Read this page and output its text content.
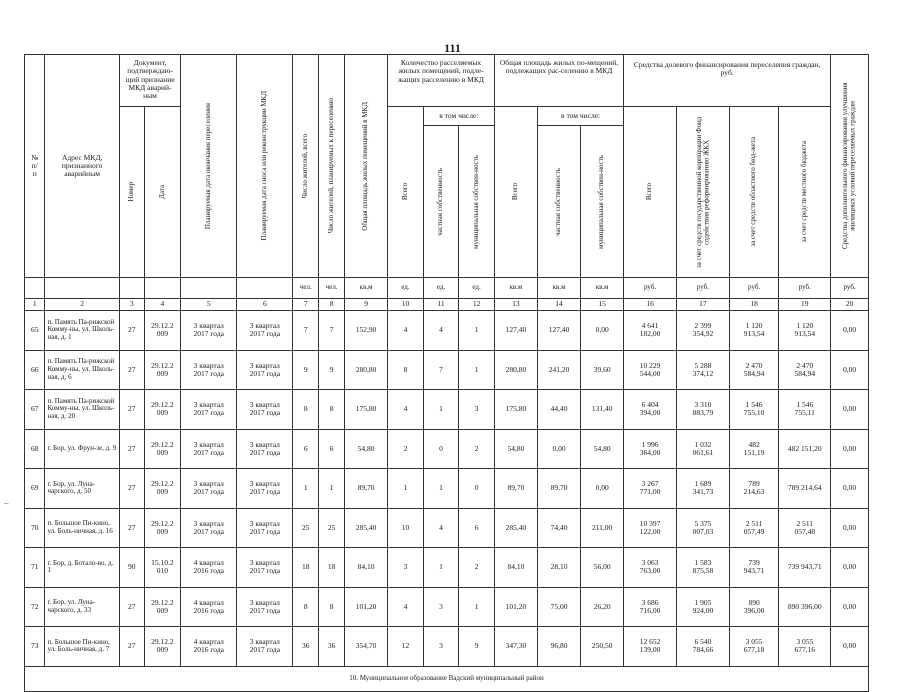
111
–
№
п/
п	Адрес МКД,
признанного
аварийным	Документ,
подтверждаю-
щий признание
МКД аварий-
ным		Планируемая дата окончания переселения	Планируемая дата сноса или реконструкции МКД	Число жителей, всего	Число жителей, планируемых к переселению	Общая площадь жилых помещений в МКД	Количество расселяемых жилых помещений, подле-жащих расселению в МКД			Общая площадь жилых по-мещений, подлежащих рас-селению в МКД			Средства долевого финансирования переселения граждан,
руб.				Средства дополнительного финансирования улучшения жилищных условий переселяемых граждан

		Номер	Дата						Всего	в том числе:		Всего	в том числе:		Всего	за счет средств государственной корпорации Фонд содействия реформированию ЖКХ	за счет средств областного бюд-жета	за счет средств местного бюджета	

										частная собственность	муниципальная собствен-ность		частная собственность	муниципальная собствен-ность					

						чел.	чел.	кв.м	ед.	ед.	ед.	кв.м	кв.м	кв.м	руб.	руб.	руб.	руб.	руб.
1	2	3	4	5	6	7	8	9	10	11	12	13	14	15	16	17	18	19	20
65	п. Память Па-рижской Комму-ны, ул. Школь-ная, д. 1	27	29.12.2
009	3 квартал
2017 года	3 квартал
2017 года	7	7	152,90	4	4	1	127,40	127,40	0,00	4 641
182,00	2 399
354,92	1 120
913,54	1 120
913,54	0,00
66	п. Память Па-рижской Комму-ны, ул. Школь-ная, д. 6	27	29.12.2
009	3 квартал
2017 года	3 квартал
2017 года	9	9	280,80	8	7	1	280,80	241,20	39,60	10 229
544,00	5 288
374,12	2 470
584,94	2 470
584,94	0,00
67	п. Память Па-рижской Комму-ны, ул. Школь-ная, д. 20	27	29.12.2
009	3 квартал
2017 года	3 квартал
2017 года	8	8	175,80	4	1	3	175,80	44,40	131,40	6 404
394,00	3 310
883,79	1 546
755,10	1 546
755,11	0,00
68	г. Бор, ул. Фрун-зе, д. 9	27	29.12.2
009	3 квартал
2017 года	3 квартал
2017 года	6	6	54,80	2	0	2	54,80	0,00	54,80	1 996
364,00	1 032
061,61	482
151,19	482 151,20	0,00
69	г. Бор, ул. Луна-чарского, д. 50	27	29.12.2
009	3 квартал
2017 года	3 квартал
2017 года	1	1	89,70	1	1	0	89,70	89,70	0,00	3 267
771,00	1 689
341,73	789
214,63	789 214,64	0,00
70	п. Большое Пи-кино, ул. Боль-ничная, д. 16	27	29.12.2
009	3 квартал
2017 года	3 квартал
2017 года	25	25	285,40	10	4	6	285,40	74,40	211,00	10 397
122,00	5 375
007,03	2 511
057,49	2 511
057,48	0,00
71	г. Бор, д. Ботало-во, д. 1	90	15.10.2
010	4 квартал
2016 года	3 квартал
2017 года	18	18	84,10	3	1	2	84,10	28,10	56,00	3 063
763,00	1 583
875,58	739
943,71	739 943,71	0,00
72	г. Бор, ул. Луна-чарского, д. 33	27	29.12.2
009	4 квартал
2016 года	3 квартал
2017 года	8	8	101,20	4	3	1	101,20	75,00	26,20	3 686
716,00	1 905
924,00	890
396,00	890 396,00	0,00
73	п. Большое Пи-кино, ул. Боль-ничная, д. 7	27	29.12.2
009	4 квартал
2016 года	3 квартал
2017 года	36	36	354,70	12	3	9	347,30	96,80	250,50	12 652
139,00	6 540
784,66	3 055
677,18	3 055
677,16	0,00
10. Муниципальное образование Вадский муниципальный район																			
